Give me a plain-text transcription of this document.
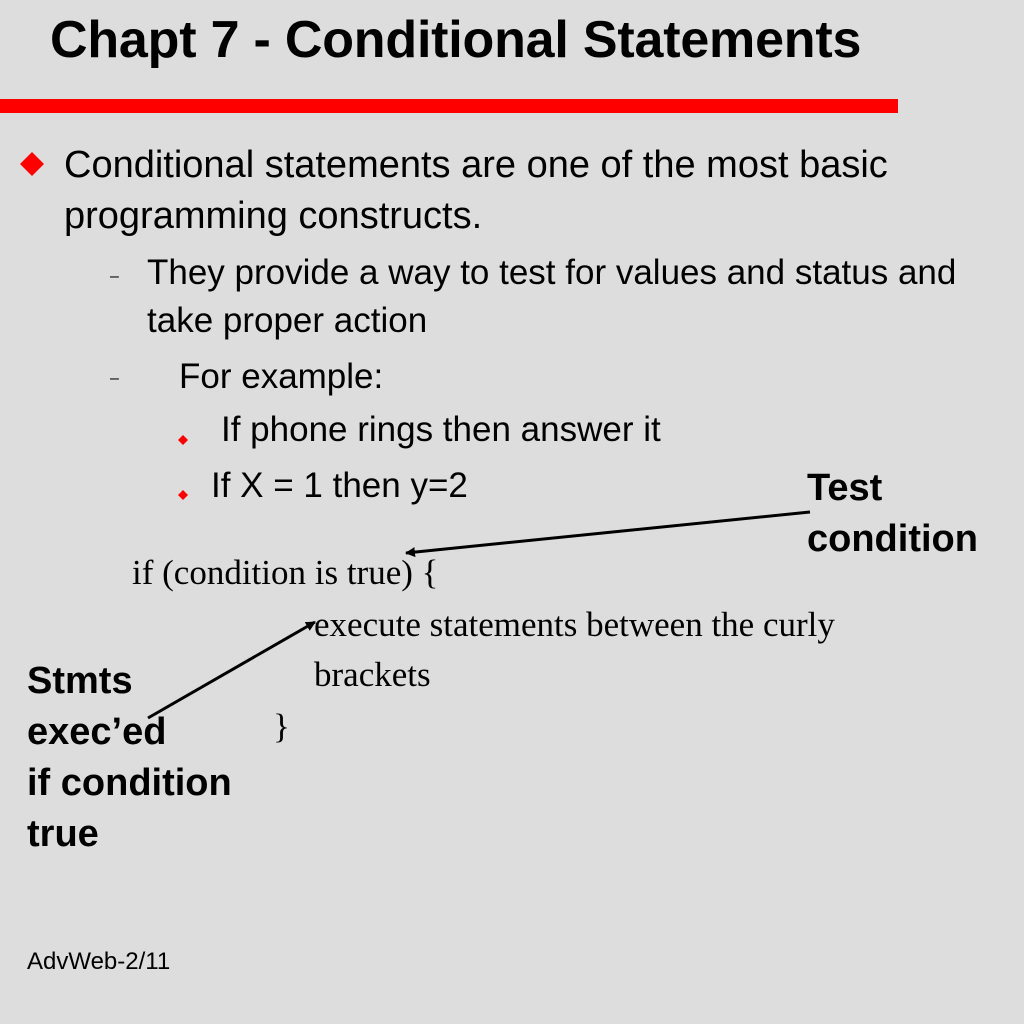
Chapt 7 - Conditional Statements
Conditional statements are one of the most basic programming constructs.
– They provide a way to test for values and status and take proper action
– For example:
If phone rings then answer it
If X = 1 then y=2
if (condition is true) {
execute statements between the curly
brackets
}
Test
condition
Stmts
exec’ed
if condition
true
AdvWeb-2/11
